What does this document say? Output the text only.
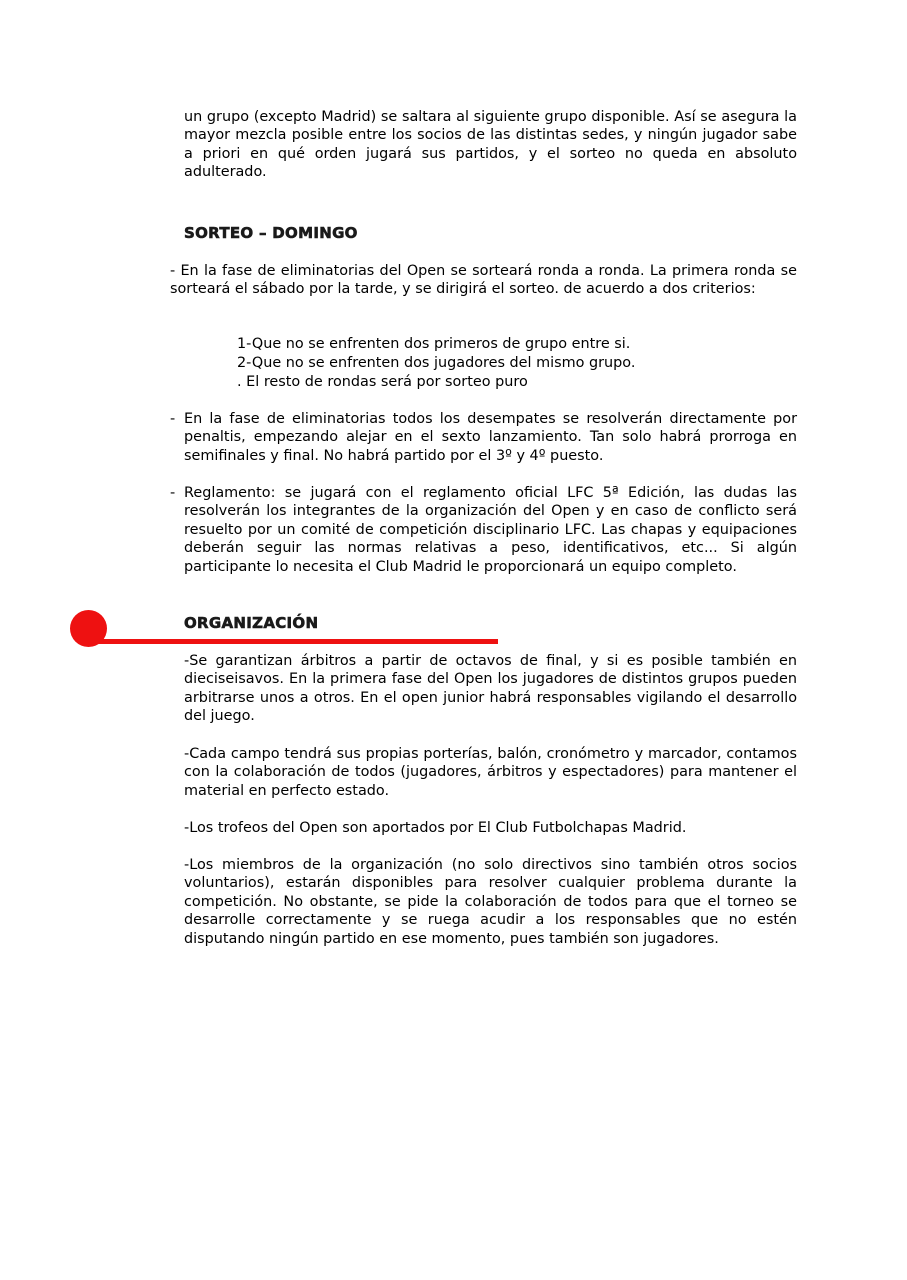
un grupo (excepto Madrid) se saltara al siguiente grupo disponible. Así se asegura la mayor mezcla posible entre los socios de las distintas sedes, y ningún jugador sabe a priori en qué orden jugará sus partidos, y el sorteo no queda en absoluto adulterado.

SORTEO – DOMINGO

- En la fase de eliminatorias del Open se sorteará ronda a ronda. La primera ronda se sorteará el sábado por la tarde, y se dirigirá el sorteo. de acuerdo a dos criterios:

1-Que no se enfrenten dos primeros de grupo entre si.

2-Que no se enfrenten dos jugadores del mismo grupo.

. El resto de rondas será por sorteo puro

- En la fase de eliminatorias todos los desempates se resolverán directamente por penaltis, empezando alejar en el sexto lanzamiento. Tan solo habrá prorroga en semifinales y final. No habrá partido por el 3º y 4º puesto.
- Reglamento: se jugará con el reglamento oficial LFC 5ª Edición, las dudas las resolverán los integrantes de la organización del Open y en caso de conflicto será resuelto por un comité de competición disciplinario LFC. Las chapas y equipaciones deberán seguir las normas relativas a peso, identificativos, etc... Si algún participante lo necesita el Club Madrid le proporcionará un equipo completo.
ORGANIZACIÓN

-Se garantizan árbitros a partir de octavos de final, y si es posible también en dieciseisavos. En la primera fase del Open los jugadores de distintos grupos pueden arbitrarse unos a otros. En el open junior habrá responsables vigilando el desarrollo del juego.

-Cada campo tendrá sus propias porterías, balón, cronómetro y marcador, contamos con la colaboración de todos (jugadores, árbitros y espectadores) para mantener el material en perfecto estado.

-Los trofeos del Open son aportados por El Club Futbolchapas Madrid.

-Los miembros de la organización (no solo directivos sino también otros socios voluntarios), estarán disponibles para resolver cualquier problema durante la competición. No obstante, se pide la colaboración de todos para que el torneo se desarrolle correctamente y se ruega acudir a los responsables que no estén disputando ningún partido en ese momento, pues también son jugadores.
